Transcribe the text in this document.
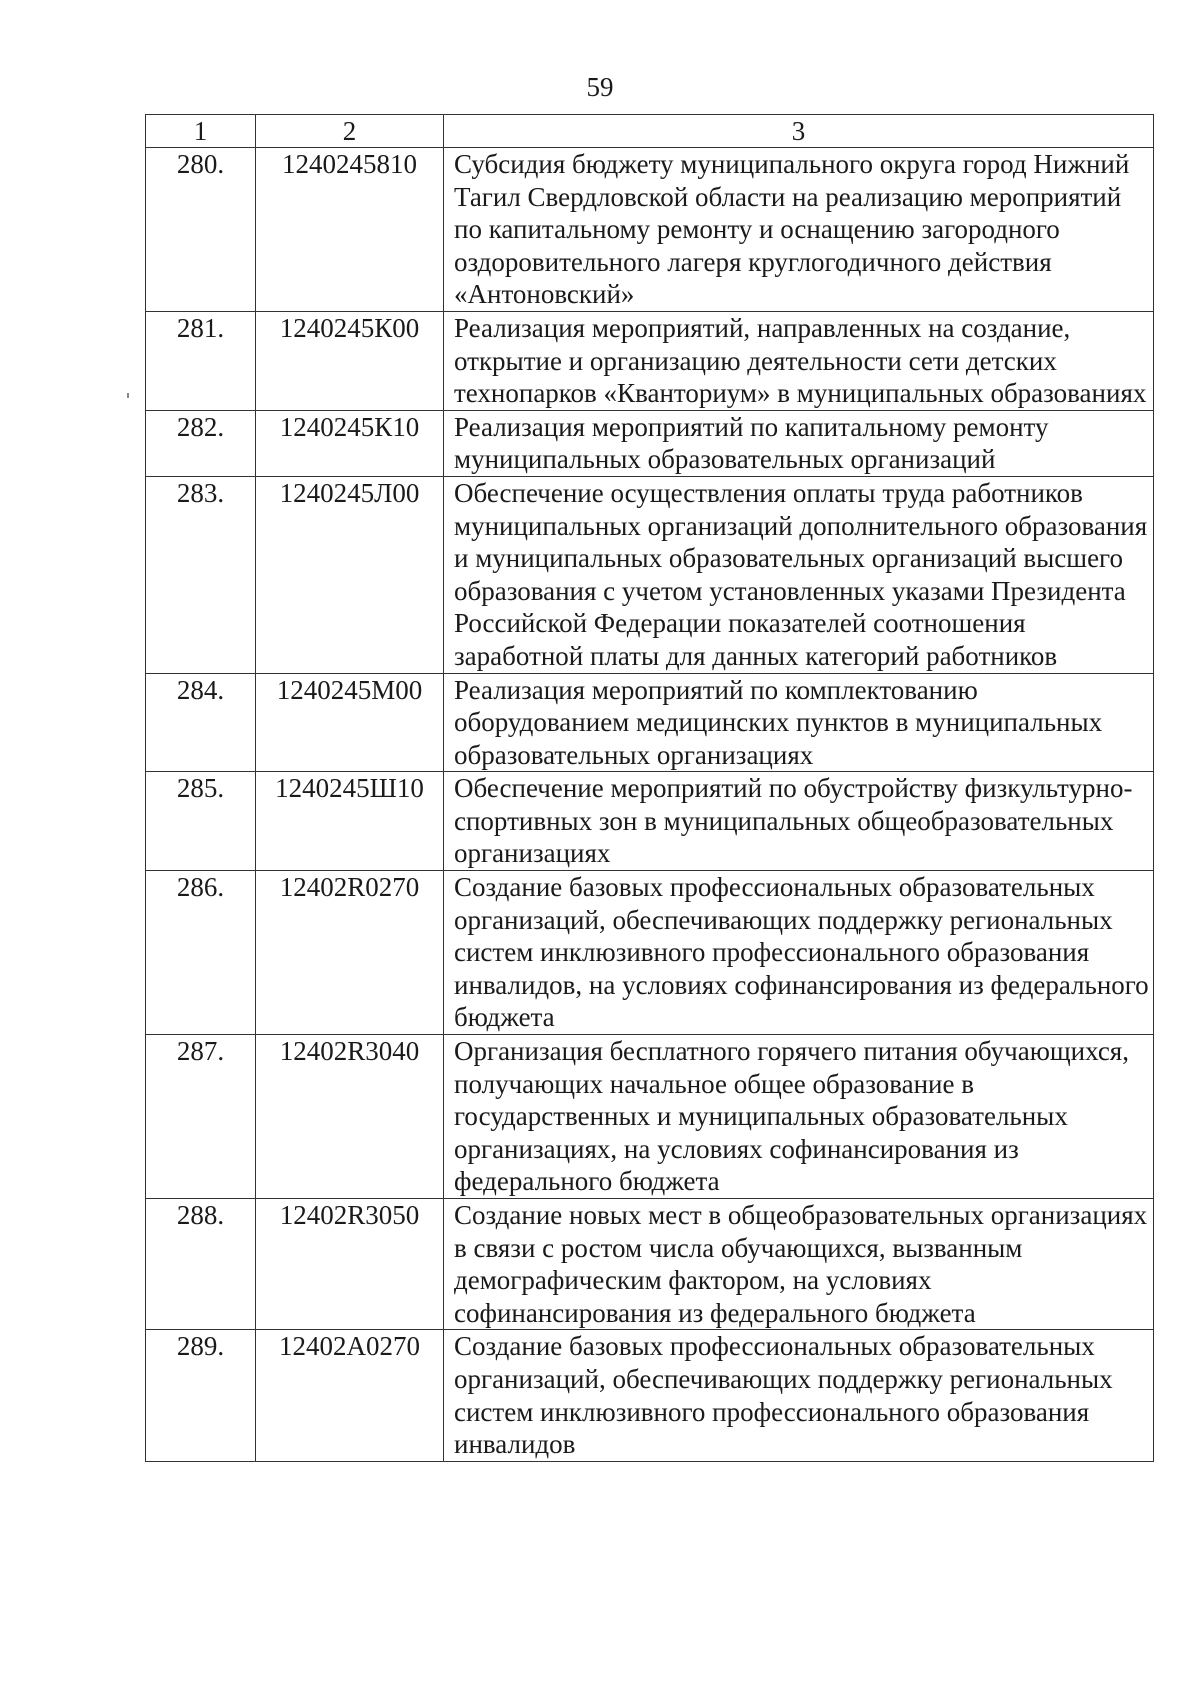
59
1	2	3
280.	1240245810	Субсидия бюджету муниципального округа город Нижний Тагил Свердловской области на реализацию мероприятий по капитальному ремонту и оснащению загородного оздоровительного лагеря круглогодичного действия «Антоновский»
281.	1240245К00	Реализация мероприятий, направленных на создание, открытие и организацию деятельности сети детских технопарков «Кванториум» в муниципальных образованиях
282.	1240245К10	Реализация мероприятий по капитальному ремонту муниципальных образовательных организаций
283.	1240245Л00	Обеспечение осуществления оплаты труда работников муниципальных организаций дополнительного образования и муниципальных образовательных организаций высшего образования с учетом установленных указами Президента Российской Федерации показателей соотношения заработной платы для данных категорий работников
284.	1240245М00	Реализация мероприятий по комплектованию оборудованием медицинских пунктов в муниципальных образовательных организациях
285.	1240245Ш10	Обеспечение мероприятий по обустройству физкультурно-спортивных зон в муниципальных общеобразовательных организациях
286.	12402R0270	Создание базовых профессиональных образовательных организаций, обеспечивающих поддержку региональных систем инклюзивного профессионального образования инвалидов, на условиях софинансирования из федерального бюджета
287.	12402R3040	Организация бесплатного горячего питания обучающихся, получающих начальное общее образование в государственных и муниципальных образовательных организациях, на условиях софинансирования из федерального бюджета
288.	12402R3050	Создание новых мест в общеобразовательных организациях в связи с ростом числа обучающихся, вызванным демографическим фактором, на условиях софинансирования из федерального бюджета
289.	12402A0270	Создание базовых профессиональных образовательных организаций, обеспечивающих поддержку региональных систем инклюзивного профессионального образования инвалидов
